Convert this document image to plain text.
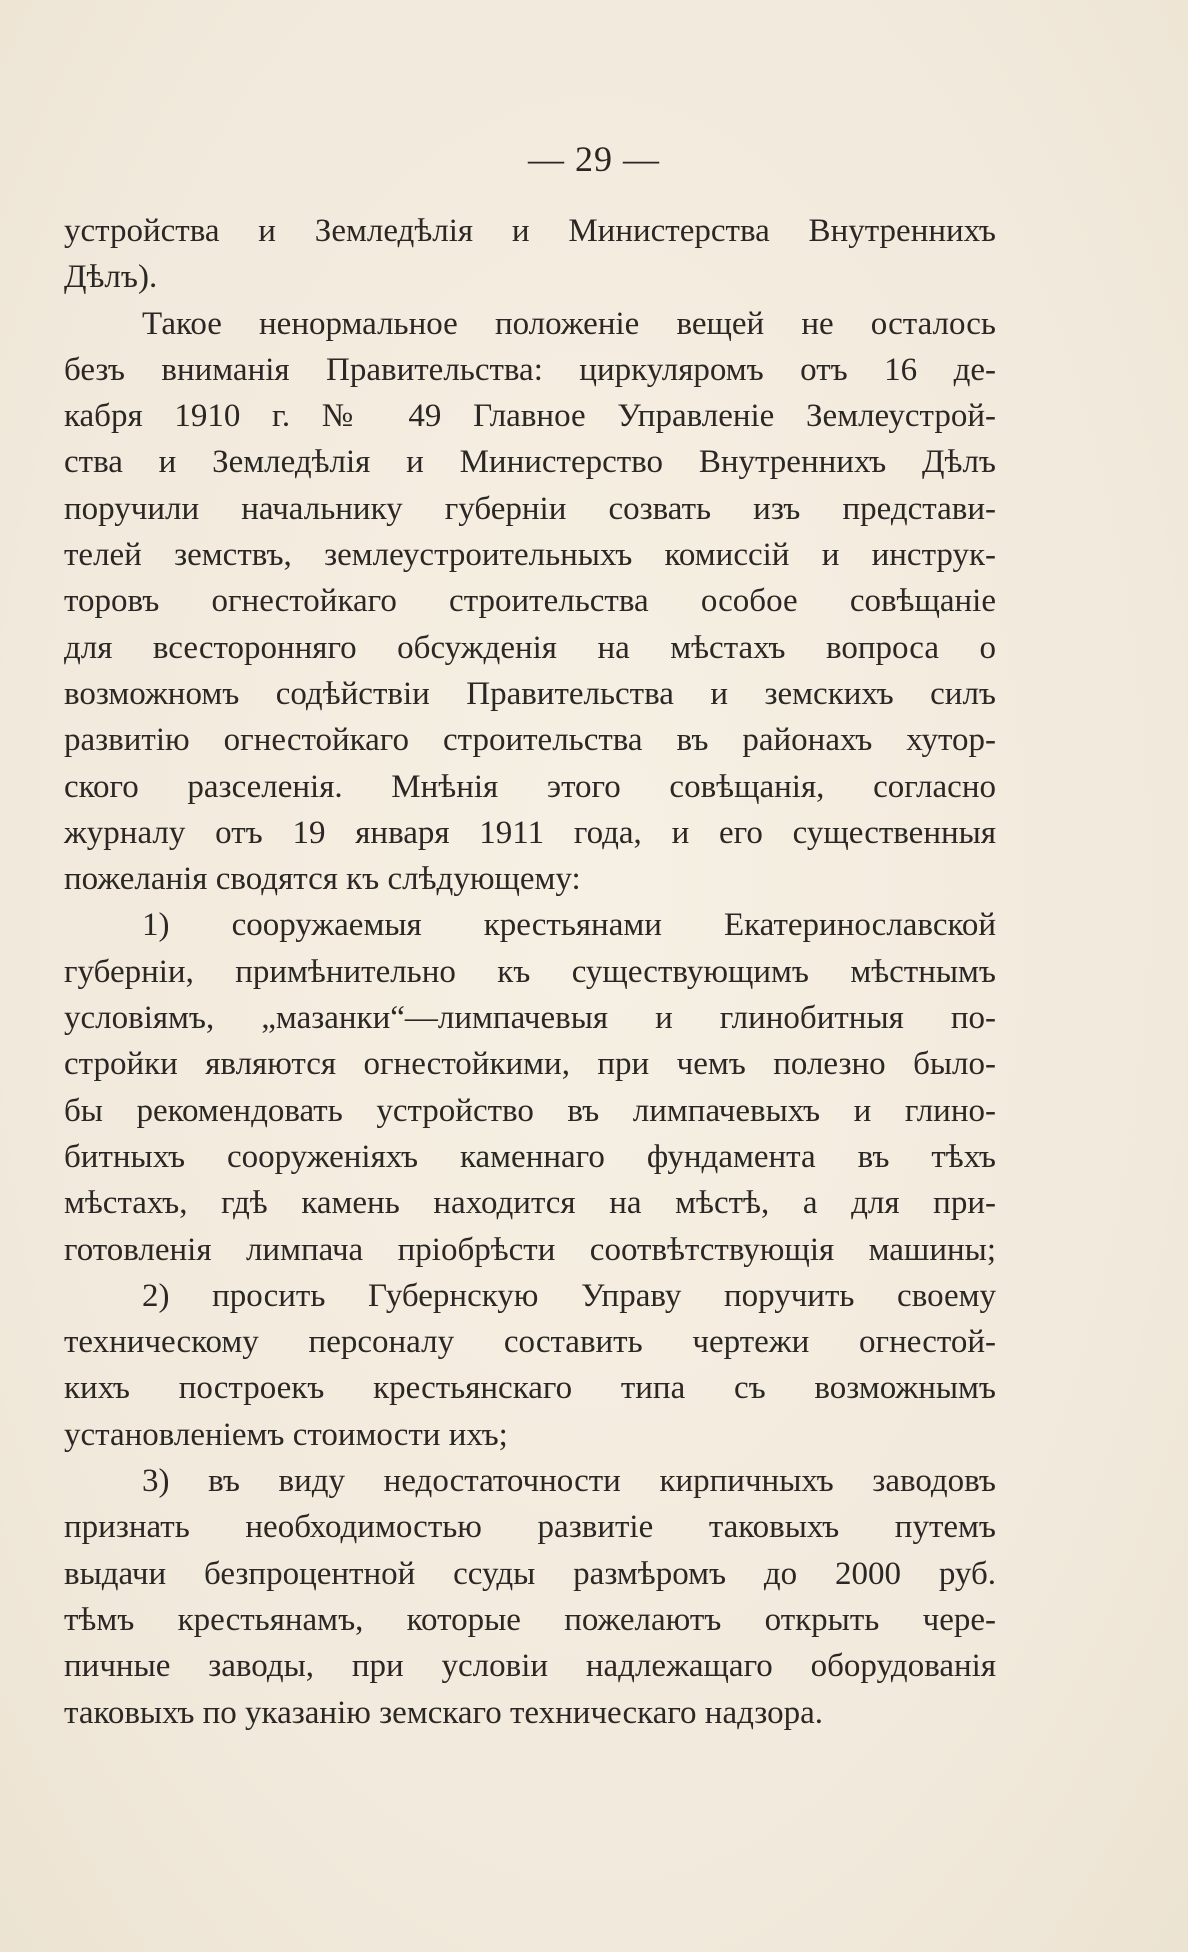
— 29 —
устройства и Земледѣлія и Министерства Внутреннихъ
Дѣлъ).
Такое ненормальное положеніе вещей не осталось
безъ вниманія Правительства: циркуляромъ отъ 16 де-
кабря 1910 г. № 49 Главное Управленіе Землеустрой-
ства и Земледѣлія и Министерство Внутреннихъ Дѣлъ
поручили начальнику губерніи созвать изъ представи-
телей земствъ, землеустроительныхъ комиссій и инструк-
торовъ огнестойкаго строительства особое совѣщаніе
для всесторонняго обсужденія на мѣстахъ вопроса о
возможномъ содѣйствіи Правительства и земскихъ силъ
развитію огнестойкаго строительства въ районахъ хутор-
ского разселенія. Мнѣнія этого совѣщанія, согласно
журналу отъ 19 января 1911 года, и его существенныя
пожеланія сводятся къ слѣдующему:
1) сооружаемыя крестьянами Екатеринославской
губерніи, примѣнительно къ существующимъ мѣстнымъ
условіямъ, „мазанки“—лимпачевыя и глинобитныя по-
стройки являются огнестойкими, при чемъ полезно было-
бы рекомендовать устройство въ лимпачевыхъ и глино-
битныхъ сооруженіяхъ каменнаго фундамента въ тѣхъ
мѣстахъ, гдѣ камень находится на мѣстѣ, а для при-
готовленія лимпача пріобрѣсти соотвѣтствующія машины;
2) просить Губернскую Управу поручить своему
техническому персоналу составить чертежи огнестой-
кихъ построекъ крестьянскаго типа съ возможнымъ
установленіемъ стоимости ихъ;
3) въ виду недостаточности кирпичныхъ заводовъ
признать необходимостью развитіе таковыхъ путемъ
выдачи безпроцентной ссуды размѣромъ до 2000 руб.
тѣмъ крестьянамъ, которые пожелаютъ открыть чере-
пичные заводы, при условіи надлежащаго оборудованія
таковыхъ по указанію земскаго техническаго надзора.
